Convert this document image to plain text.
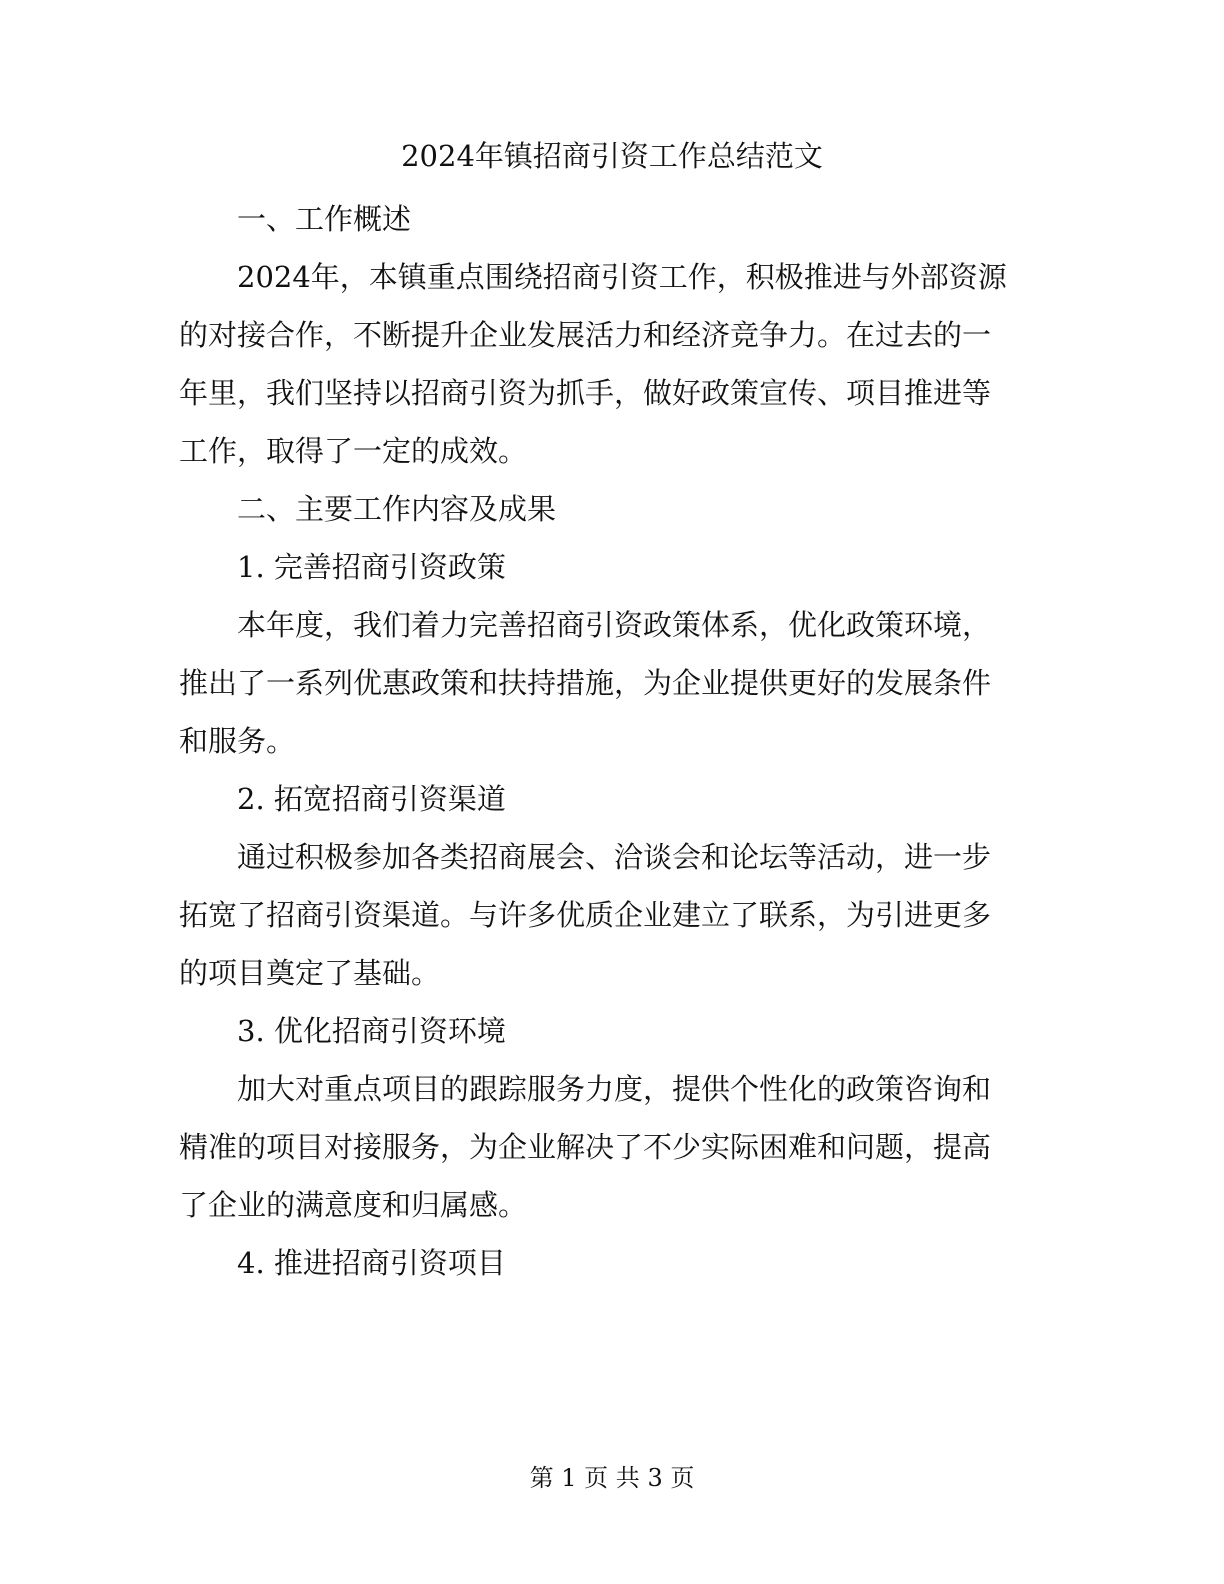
2024年镇招商引资工作总结范文

一、工作概述

2024年，本镇重点围绕招商引资工作，积极推进与外部资源的对接合作，不断提升企业发展活力和经济竞争力。在过去的一年里，我们坚持以招商引资为抓手，做好政策宣传、项目推进等工作，取得了一定的成效。

二、主要工作内容及成果

1. 完善招商引资政策

本年度，我们着力完善招商引资政策体系，优化政策环境，推出了一系列优惠政策和扶持措施，为企业提供更好的发展条件和服务。

2. 拓宽招商引资渠道

通过积极参加各类招商展会、洽谈会和论坛等活动，进一步拓宽了招商引资渠道。与许多优质企业建立了联系，为引进更多的项目奠定了基础。

3. 优化招商引资环境

加大对重点项目的跟踪服务力度，提供个性化的政策咨询和精准的项目对接服务，为企业解决了不少实际困难和问题，提高了企业的满意度和归属感。

4. 推进招商引资项目

第 1 页 共 3 页
